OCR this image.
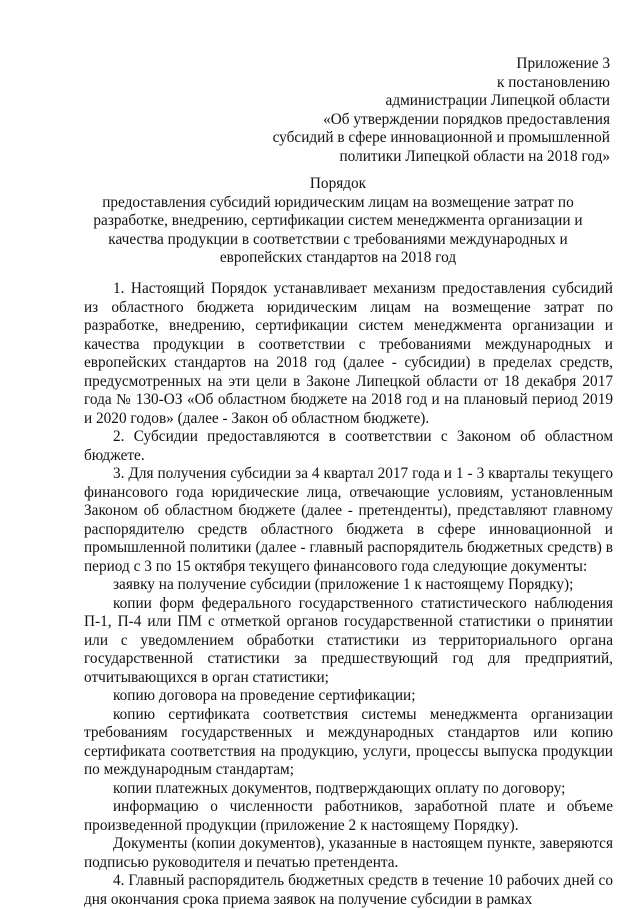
Приложение 3
к постановлению
администрации Липецкой области
«Об утверждении порядков предоставления
субсидий в сфере инновационной и промышленной
политики Липецкой области на 2018 год»
Порядок
предоставления субсидий юридическим лицам на возмещение затрат по
разработке, внедрению, сертификации систем менеджмента организации и
качества продукции в соответствии с требованиями международных и
европейских стандартов на 2018 год

1. Настоящий Порядок устанавливает механизм предоставления субсидий из областного бюджета юридическим лицам на возмещение затрат по разработке, внедрению, сертификации систем менеджмента организации и качества продукции в соответствии с требованиями международных и европейских стандартов на 2018 год (далее - субсидии) в пределах средств, предусмотренных на эти цели в Законе Липецкой области от 18 декабря 2017 года № 130-ОЗ «Об областном бюджете на 2018 год и на плановый период 2019 и 2020 годов» (далее - Закон об областном бюджете).

2. Субсидии предоставляются в соответствии с Законом об областном бюджете.

3. Для получения субсидии за 4 квартал 2017 года и 1 - 3 кварталы текущего финансового года юридические лица, отвечающие условиям, установленным Законом об областном бюджете (далее - претенденты), представляют главному распорядителю средств областного бюджета в сфере инновационной и промышленной политики (далее - главный распорядитель бюджетных средств) в период с 3 по 15 октября текущего финансового года следующие документы:

заявку на получение субсидии (приложение 1 к настоящему Порядку);

копии форм федерального государственного статистического наблюдения П-1, П-4 или ПМ с отметкой органов государственной статистики о принятии или с уведомлением обработки статистики из территориального органа государственной статистики за предшествующий год для предприятий, отчитывающихся в орган статистики;

копию договора на проведение сертификации;

копию сертификата соответствия системы менеджмента организации требованиям государственных и международных стандартов или копию сертификата соответствия на продукцию, услуги, процессы выпуска продукции по международным стандартам;

копии платежных документов, подтверждающих оплату по договору;

информацию о численности работников, заработной плате и объеме произведенной продукции (приложение 2 к настоящему Порядку).

Документы (копии документов), указанные в настоящем пункте, заверяются подписью руководителя и печатью претендента.

4. Главный распорядитель бюджетных средств в течение 10 рабочих дней со дня окончания срока приема заявок на получение субсидии в рамках
